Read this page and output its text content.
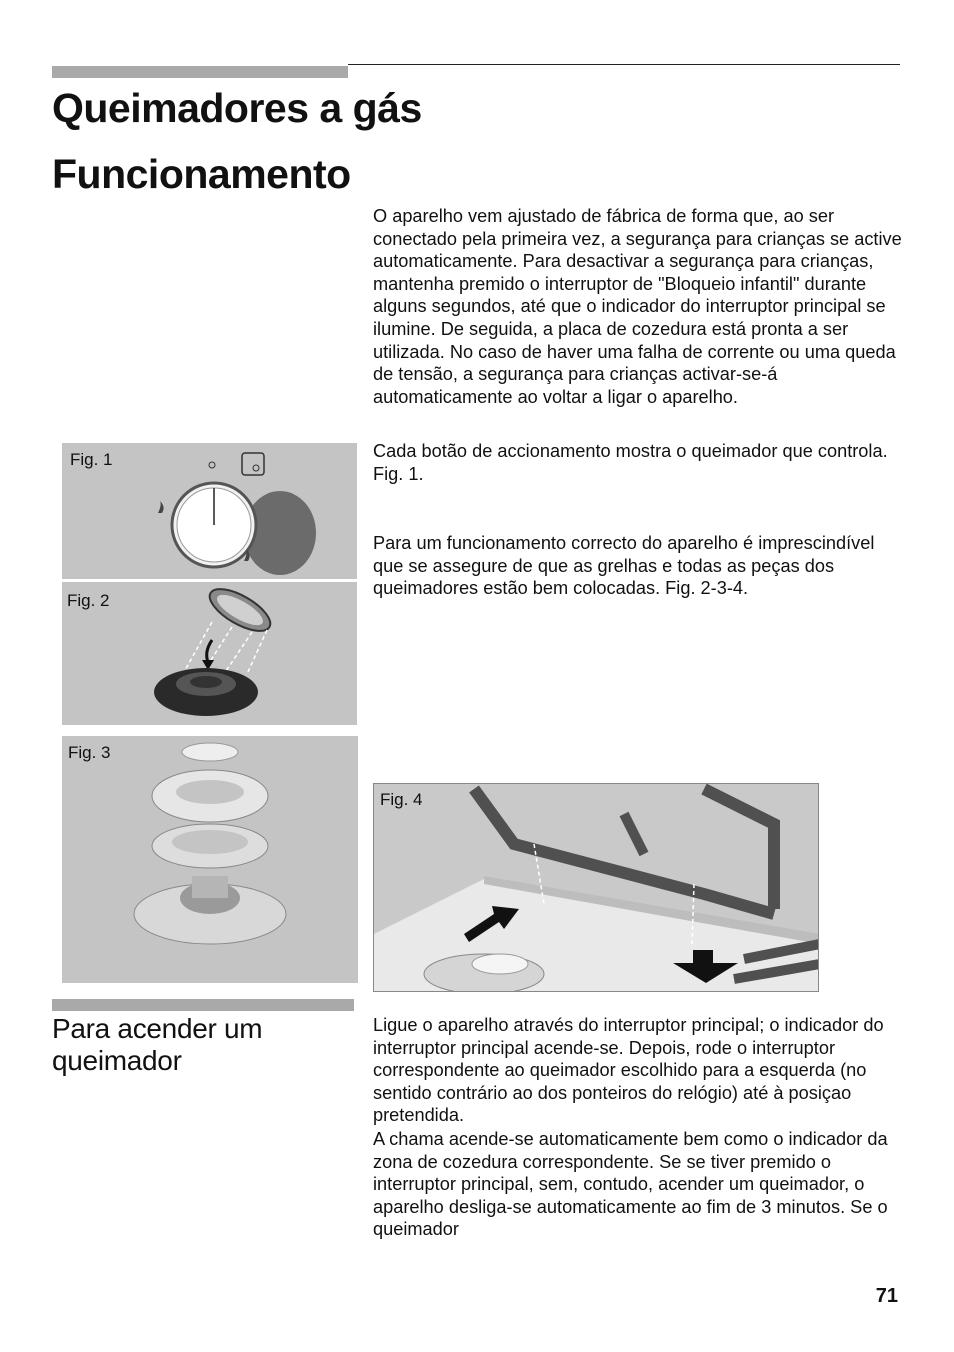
Queimadores a gás
Funcionamento

O aparelho vem ajustado de fábrica de forma que, ao ser conectado pela primeira vez, a segurança para crianças se active automaticamente. Para desactivar a segurança para crianças, mantenha premido o interruptor de "Bloqueio infantil" durante alguns segundos, até que o indicador do interruptor principal se ilumine. De seguida, a placa de cozedura está pronta a ser utilizada. No caso de haver uma falha de corrente ou uma queda de tensão, a segurança para crianças activar-se-á automaticamente ao voltar a ligar o aparelho.

Cada botão de accionamento mostra o queimador que controla. Fig. 1.

Para um funcionamento correcto do aparelho é imprescindível que se assegure de que as grelhas e todas as peças dos queimadores estão bem colocadas. Fig. 2-3-4.

Fig. 1
Fig. 2
Fig. 3
Fig. 4
Para acender um
queimador

Ligue o aparelho através do interruptor principal; o indicador do interruptor principal acende-se. Depois, rode o interruptor correspondente ao queimador escolhido para a esquerda (no sentido contrário ao dos ponteiros do relógio) até à posiçao pretendida.

A chama acende-se automaticamente bem como o indicador da zona de cozedura correspondente. Se se tiver premido o interruptor principal, sem, contudo, acender um queimador, o aparelho desliga-se automaticamente ao fim de 3 minutos. Se o queimador

71
